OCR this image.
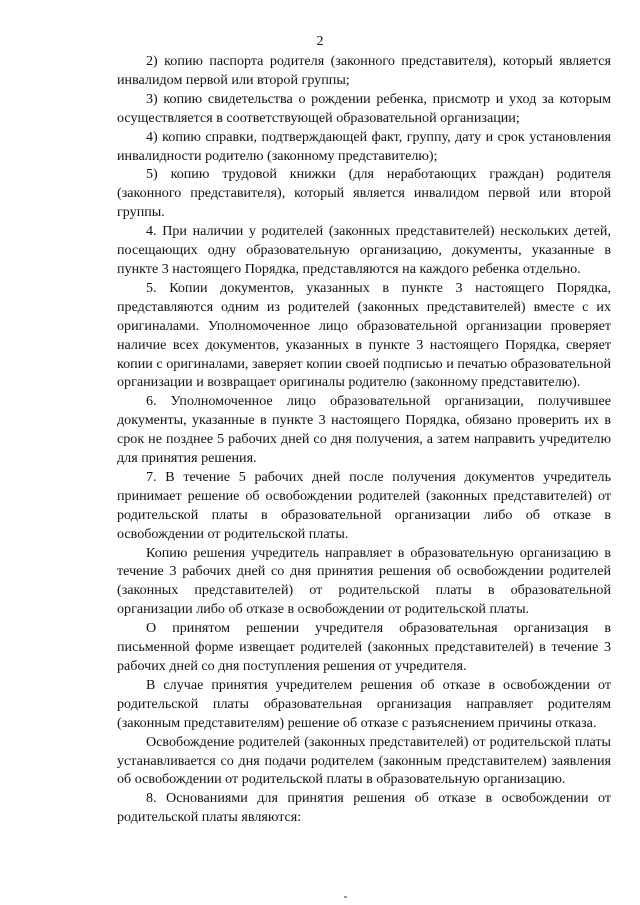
2

2) копию паспорта родителя (законного представителя), который является инвалидом первой или второй группы;

3) копию свидетельства о рождении ребенка, присмотр и уход за которым осуществляется в соответствующей образовательной организации;

4) копию справки, подтверждающей факт, группу, дату и срок установления инвалидности родителю (законному представителю);

5) копию трудовой книжки (для неработающих граждан) родителя (законного представителя), который является инвалидом первой или второй группы.

4. При наличии у родителей (законных представителей) нескольких детей, посещающих одну образовательную организацию, документы, указанные в пункте 3 настоящего Порядка, представляются на каждого ребенка отдельно.

5. Копии документов, указанных в пункте 3 настоящего Порядка, представляются одним из родителей (законных представителей) вместе с их оригиналами. Уполномоченное лицо образовательной организации проверяет наличие всех документов, указанных в пункте 3 настоящего Порядка, сверяет копии с оригиналами, заверяет копии своей подписью и печатью образовательной организации и возвращает оригиналы родителю (законному представителю).

6. Уполномоченное лицо образовательной организации, получившее документы, указанные в пункте 3 настоящего Порядка, обязано проверить их в срок не позднее 5 рабочих дней со дня получения, а затем направить учредителю для принятия решения.

7. В течение 5 рабочих дней после получения документов учредитель принимает решение об освобождении родителей (законных представителей) от родительской платы в образовательной организации либо об отказе в освобождении от родительской платы.

Копию решения учредитель направляет в образовательную организацию в течение 3 рабочих дней со дня принятия решения об освобождении родителей (законных представителей) от родительской платы в образовательной организации либо об отказе в освобождении от родительской платы.

О принятом решении учредителя образовательная организация в письменной форме извещает родителей (законных представителей) в течение 3 рабочих дней со дня поступления решения от учредителя.

В случае принятия учредителем решения об отказе в освобождении от родительской платы образовательная организация направляет родителям (законным представителям) решение об отказе с разъяснением причины отказа.

Освобождение родителей (законных представителей) от родительской платы устанавливается со дня подачи родителем (законным представителем) заявления об освобождении от родительской платы в образовательную организацию.

8. Основаниями для принятия решения об отказе в освобождении от родительской платы являются:
